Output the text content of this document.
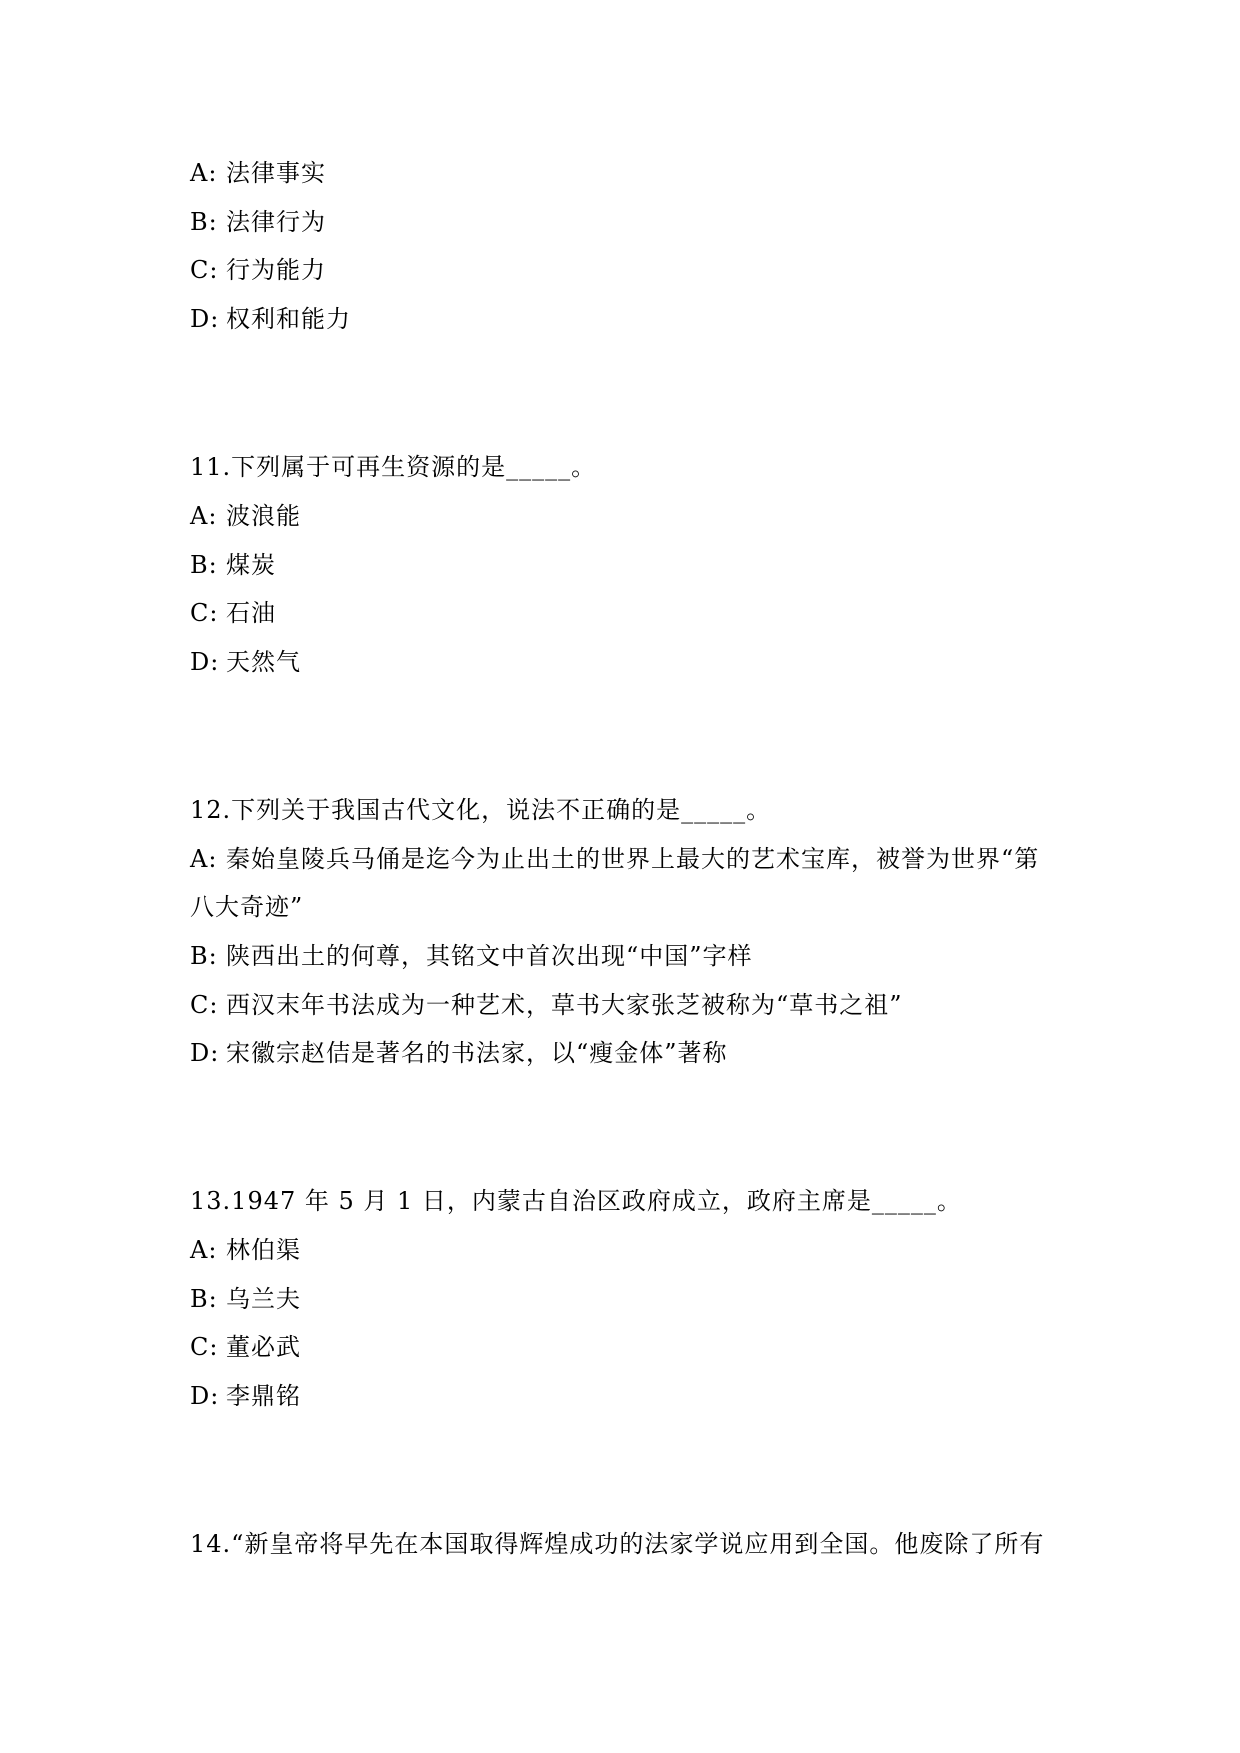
A: 法律事实
B: 法律行为
C: 行为能力
D: 权利和能力
11.下列属于可再生资源的是_____。
A: 波浪能
B: 煤炭
C: 石油
D: 天然气
12.下列关于我国古代文化，说法不正确的是_____。
A: 秦始皇陵兵马俑是迄今为止出土的世界上最大的艺术宝库，被誉为世界“第
八大奇迹”
B: 陕西出土的何尊，其铭文中首次出现“中国”字样
C: 西汉末年书法成为一种艺术，草书大家张芝被称为“草书之祖”
D: 宋徽宗赵佶是著名的书法家，以“瘦金体”著称
13.1947 年 5 月 1 日，内蒙古自治区政府成立，政府主席是_____。
A: 林伯渠
B: 乌兰夫
C: 董必武
D: 李鼎铭
14.“新皇帝将早先在本国取得辉煌成功的法家学说应用到全国。他废除了所有
